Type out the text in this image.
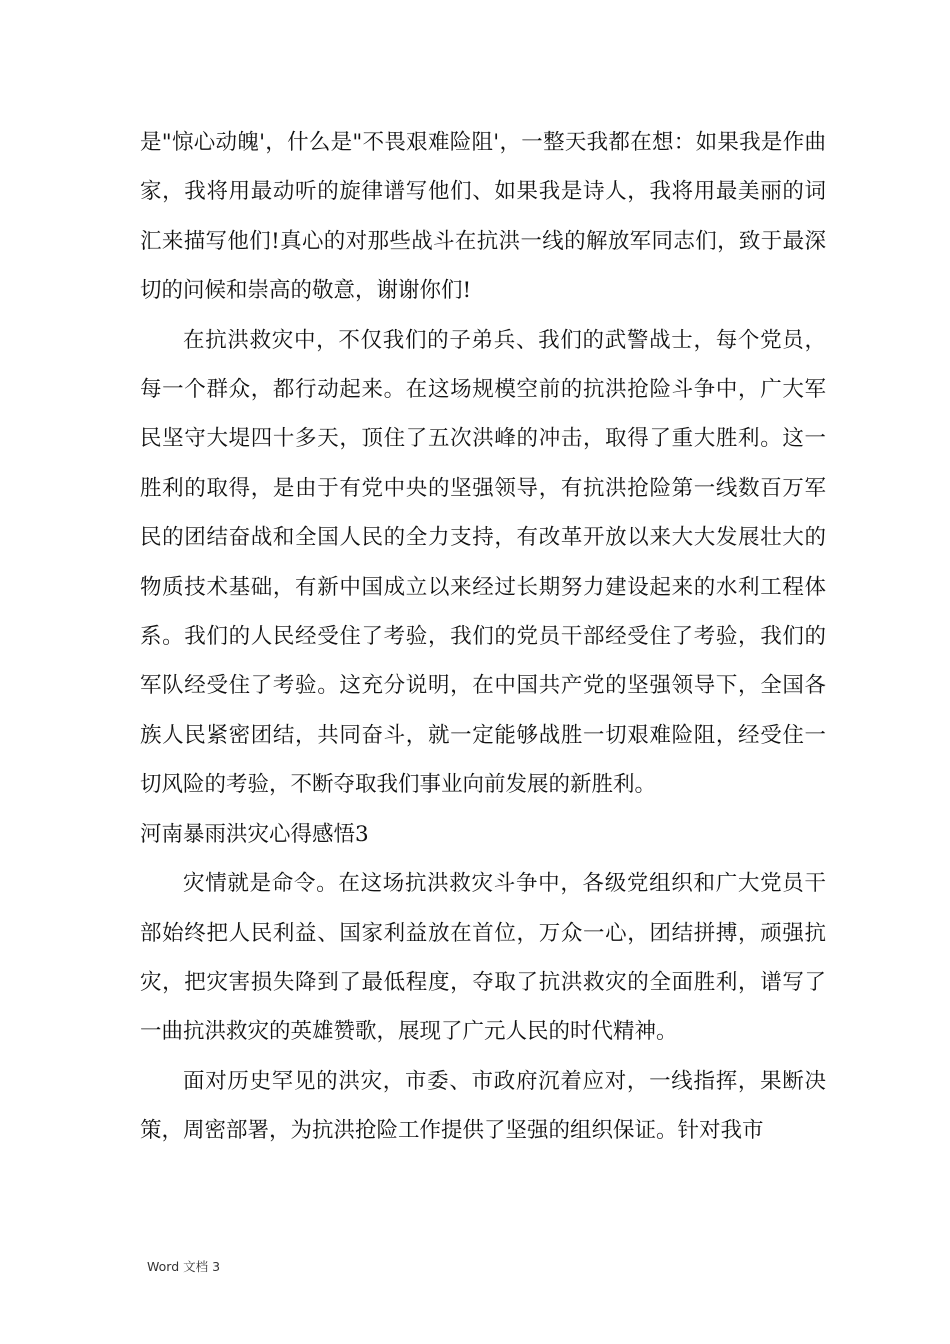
是"惊心动魄'，什么是"不畏艰难险阻'，一整天我都在想：如果我是作曲家，我将用最动听的旋律谱写他们、如果我是诗人，我将用最美丽的词汇来描写他们!真心的对那些战斗在抗洪一线的解放军同志们，致于最深切的问候和崇高的敬意，谢谢你们!

在抗洪救灾中，不仅我们的子弟兵、我们的武警战士，每个党员，每一个群众，都行动起来。在这场规模空前的抗洪抢险斗争中，广大军民坚守大堤四十多天，顶住了五次洪峰的冲击，取得了重大胜利。这一胜利的取得，是由于有党中央的坚强领导，有抗洪抢险第一线数百万军民的团结奋战和全国人民的全力支持，有改革开放以来大大发展壮大的物质技术基础，有新中国成立以来经过长期努力建设起来的水利工程体系。我们的人民经受住了考验，我们的党员干部经受住了考验，我们的军队经受住了考验。这充分说明，在中国共产党的坚强领导下，全国各族人民紧密团结，共同奋斗，就一定能够战胜一切艰难险阻，经受住一切风险的考验，不断夺取我们事业向前发展的新胜利。

河南暴雨洪灾心得感悟3

灾情就是命令。在这场抗洪救灾斗争中，各级党组织和广大党员干部始终把人民利益、国家利益放在首位，万众一心，团结拼搏，顽强抗灾，把灾害损失降到了最低程度，夺取了抗洪救灾的全面胜利，谱写了一曲抗洪救灾的英雄赞歌，展现了广元人民的时代精神。

面对历史罕见的洪灾，市委、市政府沉着应对，一线指挥，果断决策，周密部署，为抗洪抢险工作提供了坚强的组织保证。针对我市

Word 文档 3
